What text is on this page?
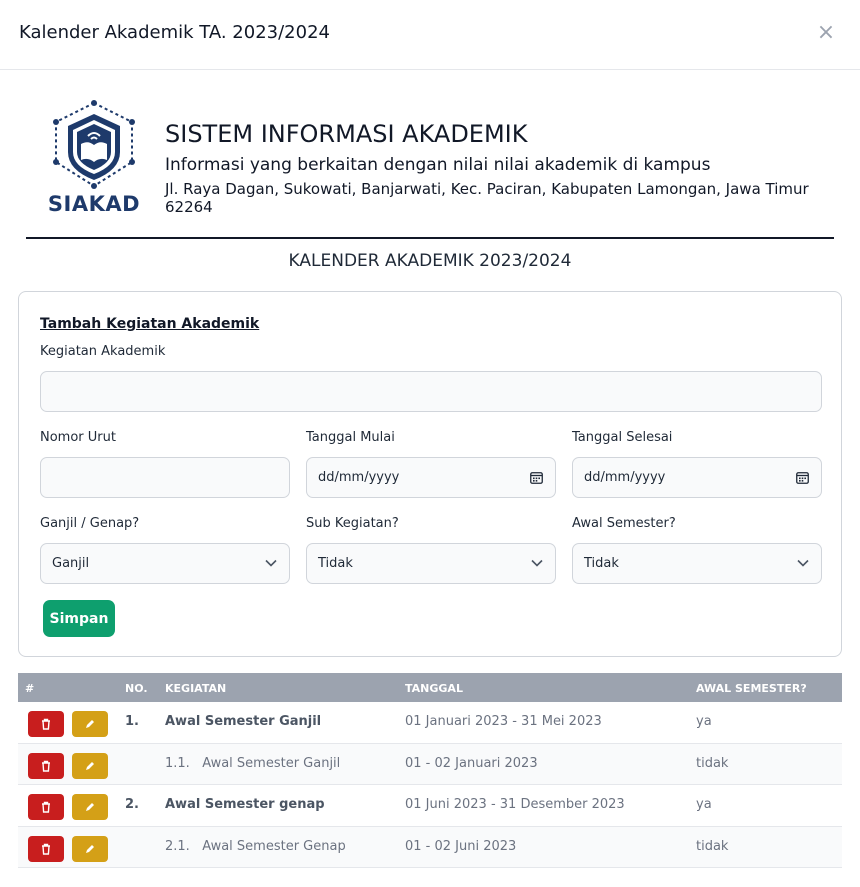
Kalender Akademik TA. 2023/2024	×
SIAKAD
SISTEM INFORMASI AKADEMIK
Informasi yang berkaitan dengan nilai nilai akademik di kampus
Jl. Raya Dagan, Sukowati, Banjarwati, Kec. Paciran, Kabupaten Lamongan, Jawa Timur 62264
KALENDER AKADEMIK 2023/2024
Tambah Kegiatan Akademik
Kegiatan Akademik
Nomor Urut	Tanggal Mulai
dd/mm/yyyy
Tanggal Selesai
dd/mm/yyyy
Ganjil / Genap?
Ganjil
Sub Kegiatan?
Tidak
Awal Semester?
Tidak
Simpan
#	NO. KEGIATAN	TANGGAL	AWAL SEMESTER?
1. Awal Semester Ganjil	01 Januari 2023 - 31 Mei 2023	ya
1.1.   Awal Semester Ganjil	01 - 02 Januari 2023	tidak
2. Awal Semester genap	01 Juni 2023 - 31 Desember 2023	ya
2.1.   Awal Semester Genap	01 - 02 Juni 2023	tidak
